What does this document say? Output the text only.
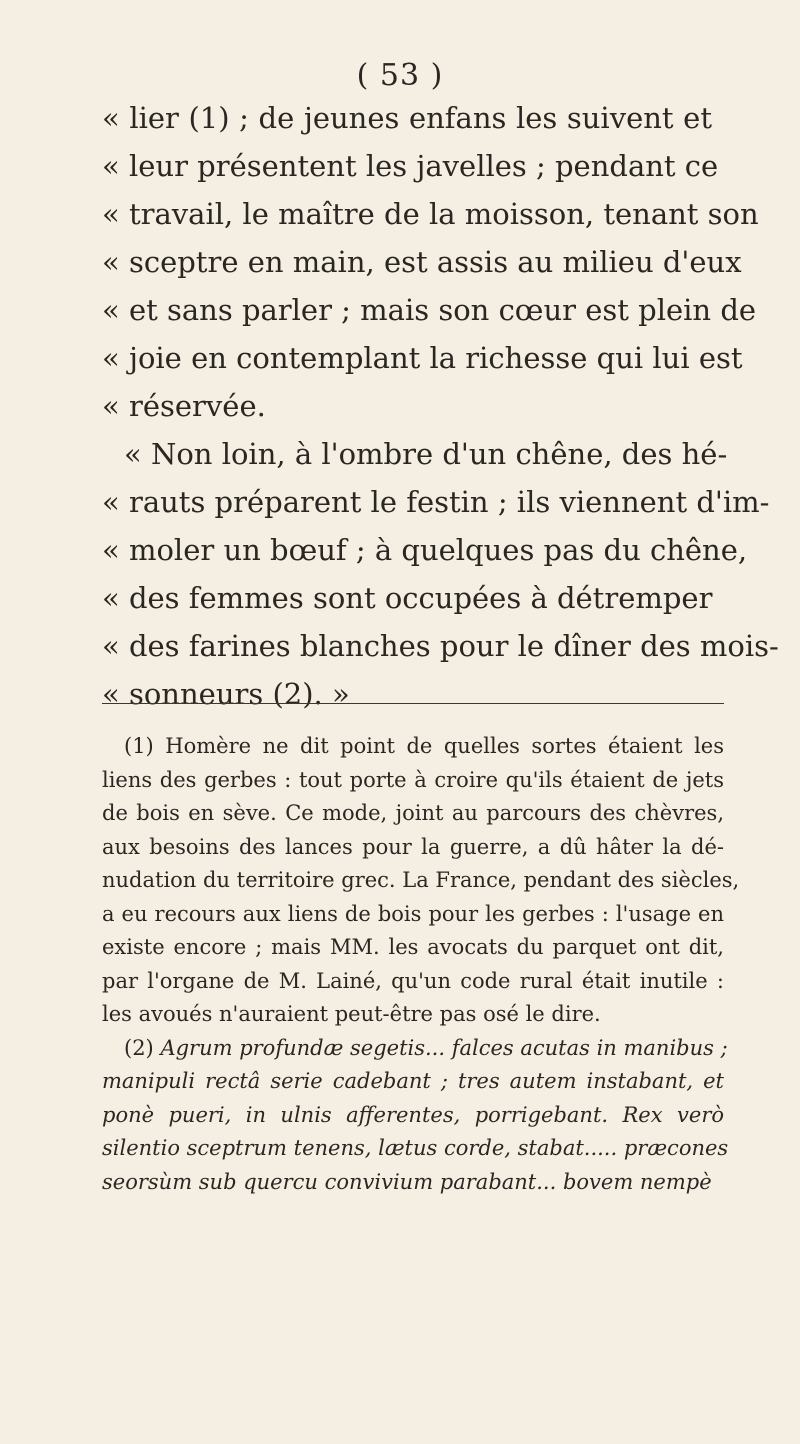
( 53 )
« lier (1) ; de jeunes enfans les suivent et
« leur présentent les javelles ; pendant ce
« travail, le maître de la moisson, tenant son
« sceptre en main, est assis au milieu d'eux
« et sans parler ; mais son cœur est plein de
« joie en contemplant la richesse qui lui est
« réservée.
« Non loin, à l'ombre d'un chêne, des hé-
« rauts préparent le festin ; ils viennent d'im-
« moler un bœuf ; à quelques pas du chêne,
« des femmes sont occupées à détremper
« des farines blanches pour le dîner des mois-
« sonneurs (2). »
(1) Homère ne dit point de quelles sortes étaient les
liens des gerbes : tout porte à croire qu'ils étaient de jets
de bois en sève. Ce mode, joint au parcours des chèvres,
aux besoins des lances pour la guerre, a dû hâter la dé-
nudation du territoire grec. La France, pendant des siècles,
a eu recours aux liens de bois pour les gerbes : l'usage en
existe encore ; mais MM. les avocats du parquet ont dit,
par l'organe de M. Lainé, qu'un code rural était inutile :
les avoués n'auraient peut-être pas osé le dire.
(2) Agrum profundæ segetis... falces acutas in manibus ;
manipuli rectâ serie cadebant ; tres autem instabant, et
ponè pueri, in ulnis afferentes, porrigebant. Rex verò
silentio sceptrum tenens, lætus corde, stabat..... præcones
seorsùm sub quercu convivium parabant... bovem nempè
